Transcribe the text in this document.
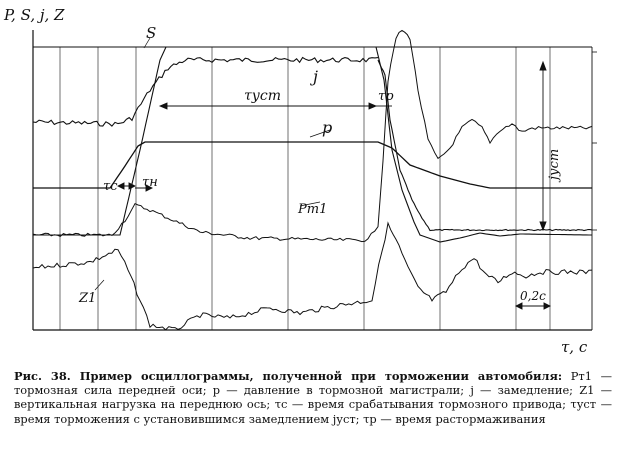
P, S, j, Z
τ, c
S
j
p
Pт1
Z1
τc τн
τуст	τр
jуст
0,2c
Рис. 38. Пример осциллограммы, полученной при торможении автомобиля: Pт1 — тормозная сила передней оси; p — давление в тормозной магистрали; j — замедление; Z1 — вертикальная нагрузка на переднюю ось; τc — время срабатывания тормозного привода; τуст — время торможения с установившимся замедлением jуст; τр — время растормаживания
